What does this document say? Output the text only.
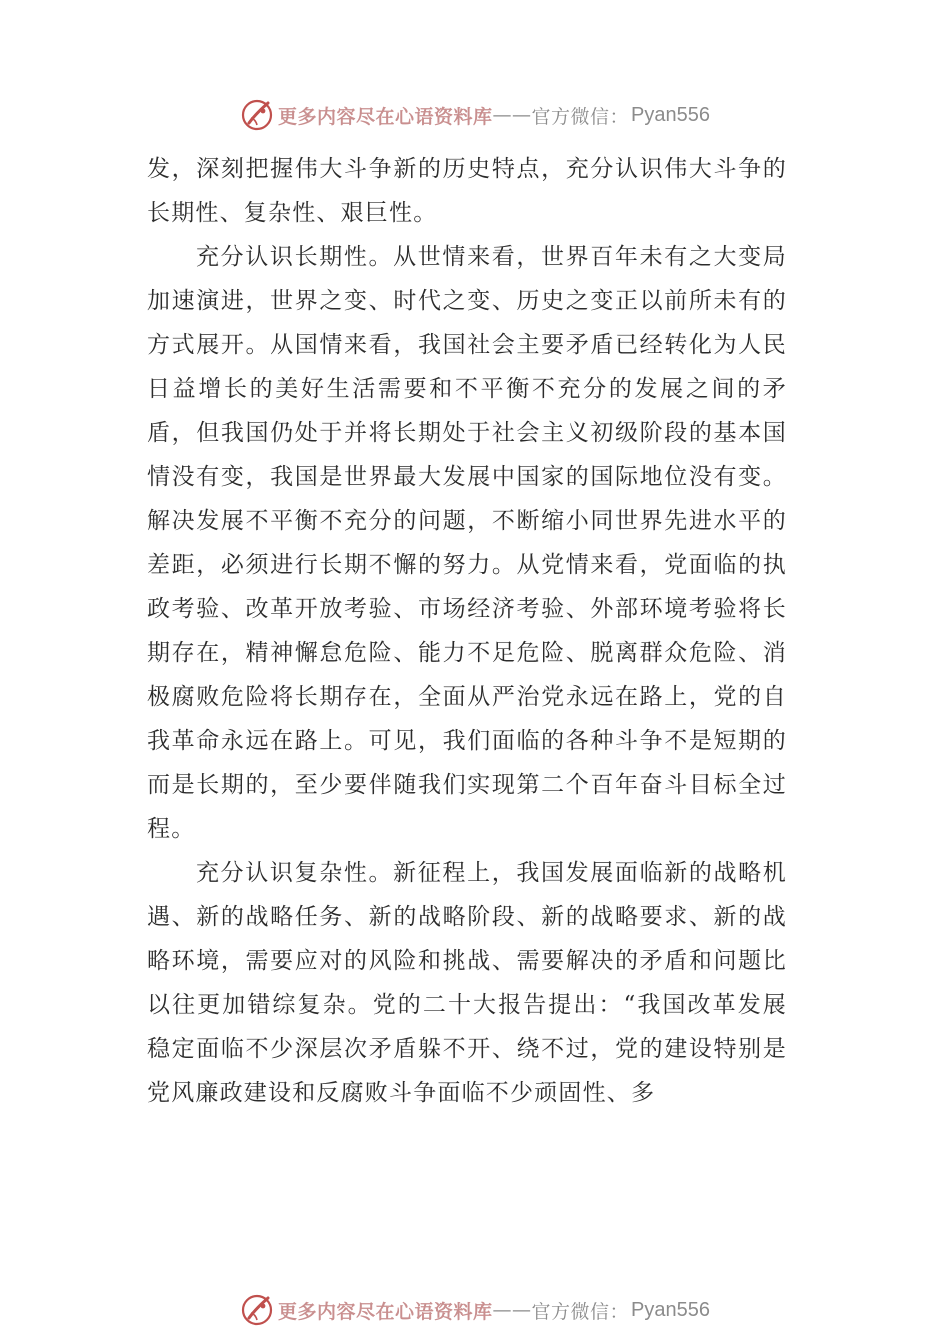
更多内容尽在心语资料库 —— 官方微信： Pyan556

发，深刻把握伟大斗争新的历史特点，充分认识伟大斗争的长期性、复杂性、艰巨性。

充分认识长期性。从世情来看，世界百年未有之大变局加速演进，世界之变、时代之变、历史之变正以前所未有的方式展开。从国情来看，我国社会主要矛盾已经转化为人民日益增长的美好生活需要和不平衡不充分的发展之间的矛盾，但我国仍处于并将长期处于社会主义初级阶段的基本国情没有变，我国是世界最大发展中国家的国际地位没有变。解决发展不平衡不充分的问题，不断缩小同世界先进水平的差距，必须进行长期不懈的努力。从党情来看，党面临的执政考验、改革开放考验、市场经济考验、外部环境考验将长期存在，精神懈怠危险、能力不足危险、脱离群众危险、消极腐败危险将长期存在，全面从严治党永远在路上，党的自我革命永远在路上。可见，我们面临的各种斗争不是短期的而是长期的，至少要伴随我们实现第二个百年奋斗目标全过程。

充分认识复杂性。新征程上，我国发展面临新的战略机遇、新的战略任务、新的战略阶段、新的战略要求、新的战略环境，需要应对的风险和挑战、需要解决的矛盾和问题比以往更加错综复杂。党的二十大报告提出：“我国改革发展稳定面临不少深层次矛盾躲不开、绕不过，党的建设特别是党风廉政建设和反腐败斗争面临不少顽固性、多

更多内容尽在心语资料库 —— 官方微信： Pyan556
